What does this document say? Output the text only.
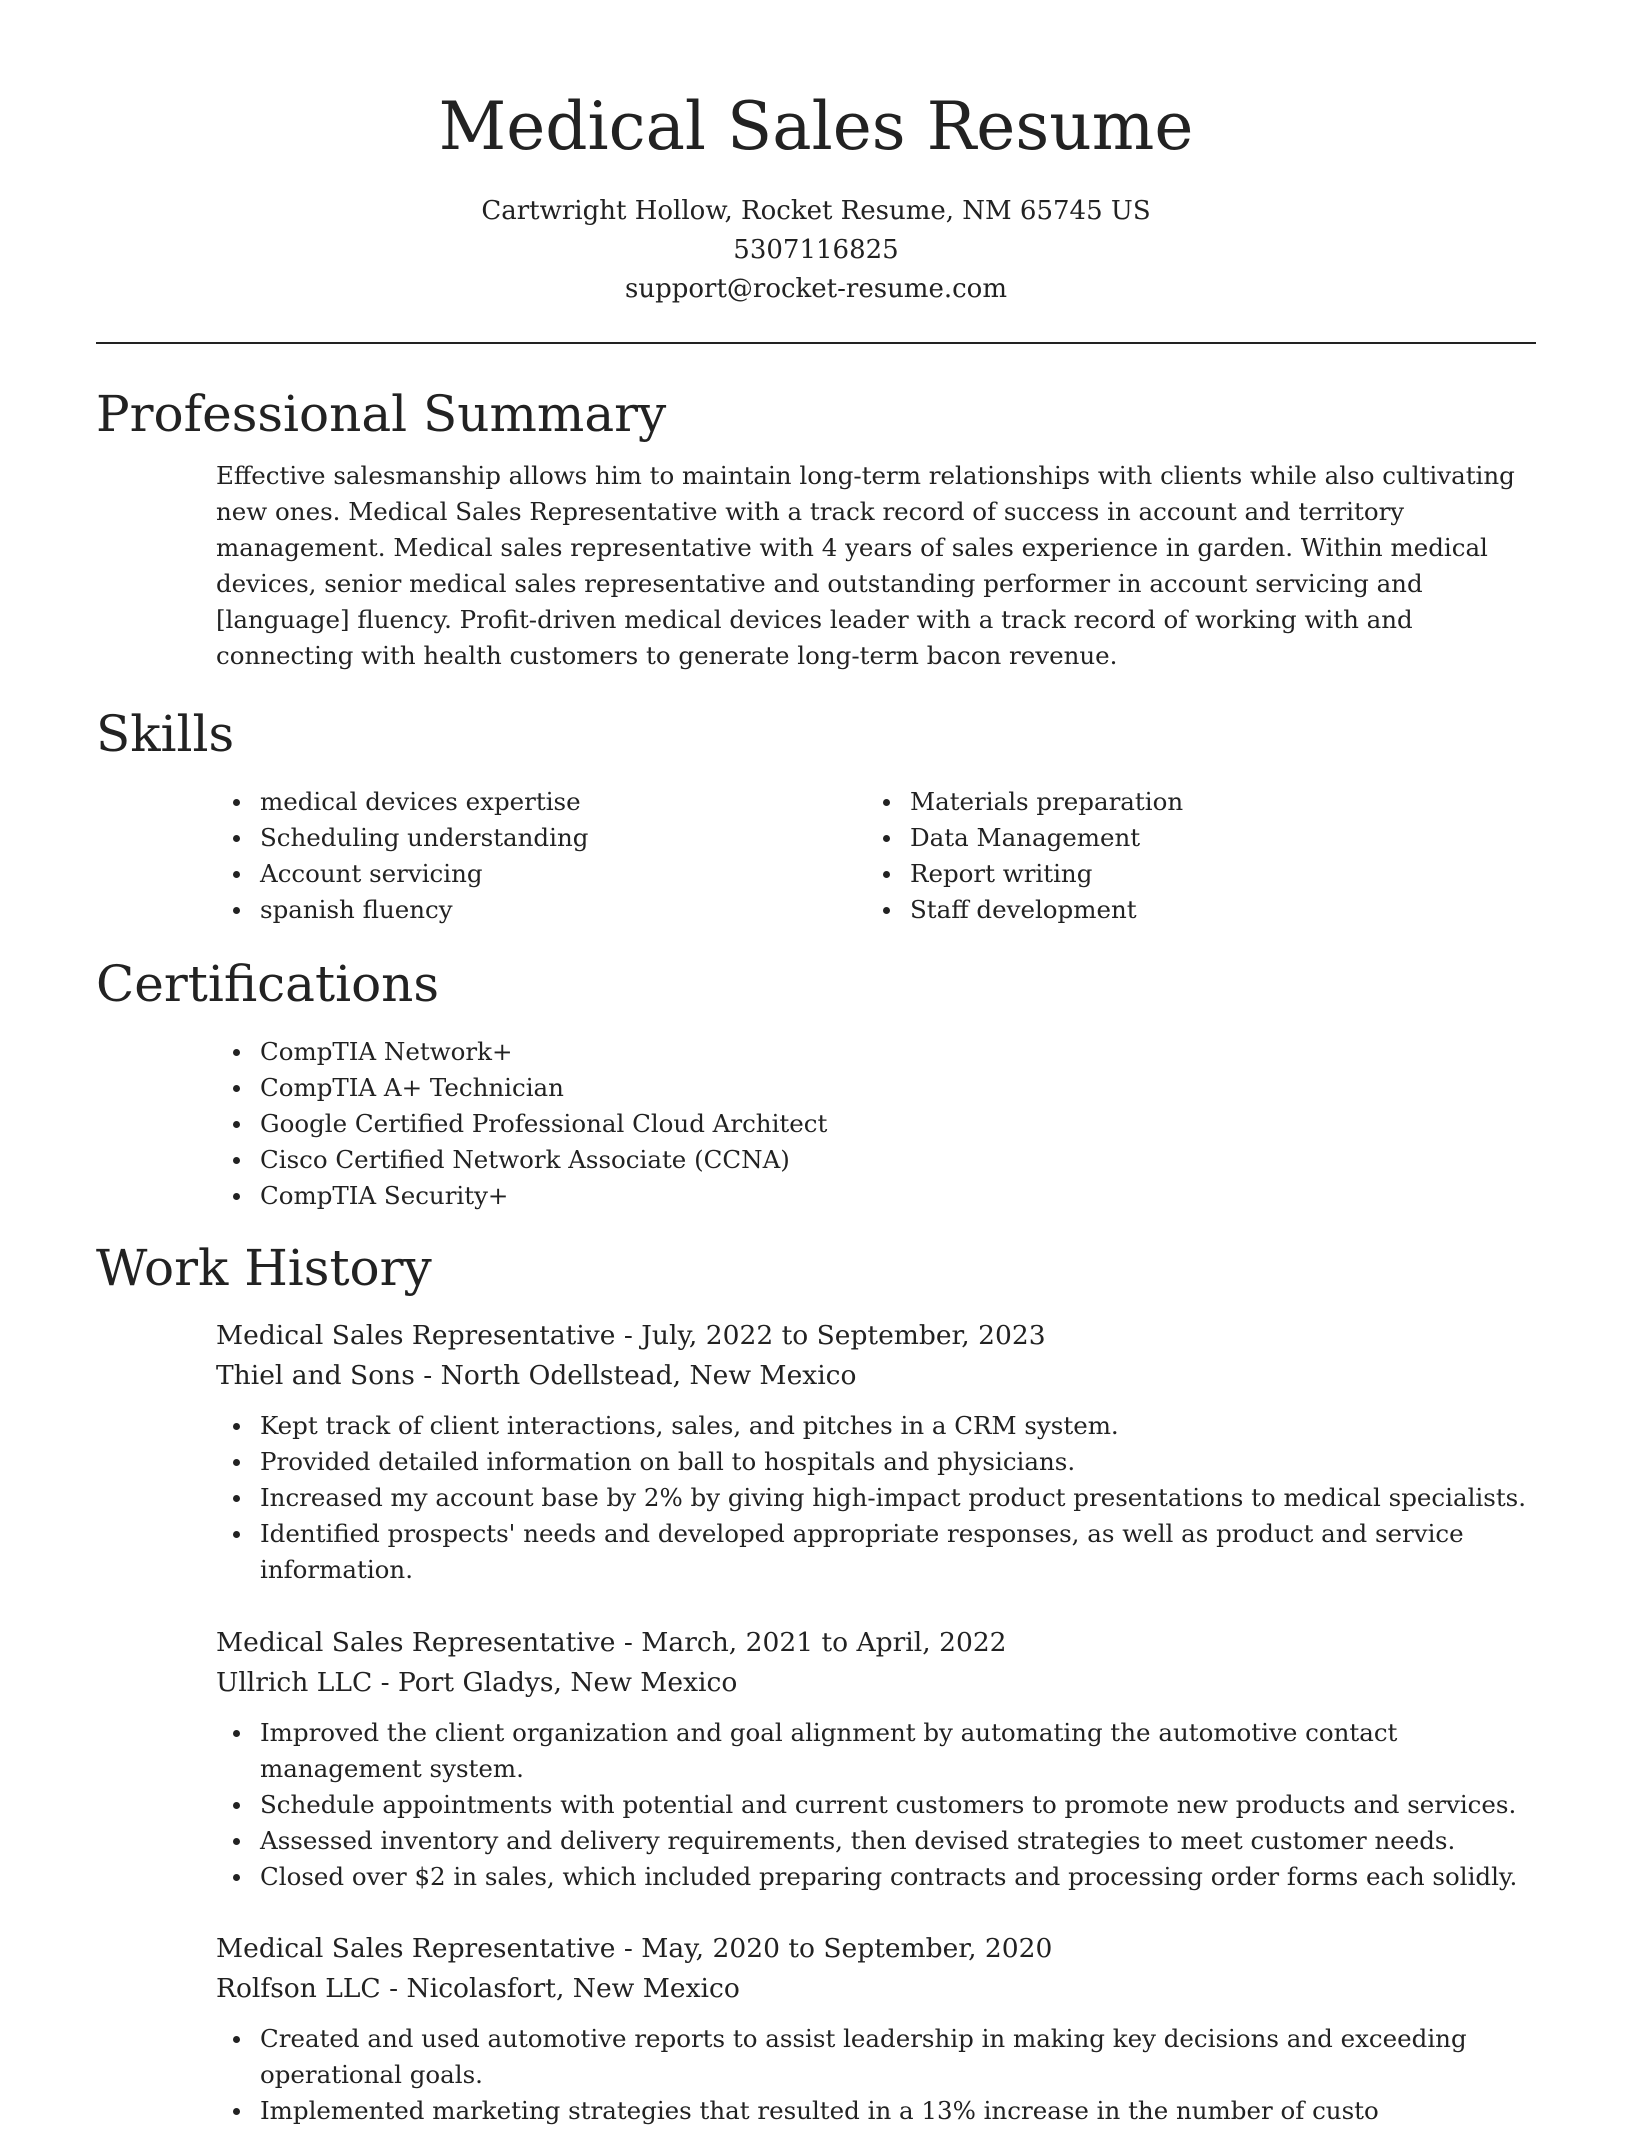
Medical Sales Resume
Cartwright Hollow, Rocket Resume, NM 65745 US
5307116825
support@rocket-resume.com
Professional Summary
Effective salesmanship allows him to maintain long-term relationships with clients while also cultivating new ones. Medical Sales Representative with a track record of success in account and territory management. Medical sales representative with 4 years of sales experience in garden. Within medical devices, senior medical sales representative and outstanding performer in account servicing and [language] fluency. Profit-driven medical devices leader with a track record of working with and connecting with health customers to generate long-term bacon revenue.
Skills
medical devices expertise
Scheduling understanding
Account servicing
spanish fluency
Materials preparation
Data Management
Report writing
Staff development
Certifications
CompTIA Network+
CompTIA A+ Technician
Google Certified Professional Cloud Architect
Cisco Certified Network Associate (CCNA)
CompTIA Security+
Work History
Medical Sales Representative - July, 2022 to September, 2023
Thiel and Sons - North Odellstead, New Mexico
Kept track of client interactions, sales, and pitches in a CRM system.
Provided detailed information on ball to hospitals and physicians.
Increased my account base by 2% by giving high-impact product presentations to medical specialists.
Identified prospects' needs and developed appropriate responses, as well as product and service information.
Medical Sales Representative - March, 2021 to April, 2022
Ullrich LLC - Port Gladys, New Mexico
Improved the client organization and goal alignment by automating the automotive contact management system.
Schedule appointments with potential and current customers to promote new products and services.
Assessed inventory and delivery requirements, then devised strategies to meet customer needs.
Closed over $2 in sales, which included preparing contracts and processing order forms each solidly.
Medical Sales Representative - May, 2020 to September, 2020
Rolfson LLC - Nicolasfort, New Mexico
Created and used automotive reports to assist leadership in making key decisions and exceeding operational goals.
Implemented marketing strategies that resulted in a 13% increase in the number of custo
